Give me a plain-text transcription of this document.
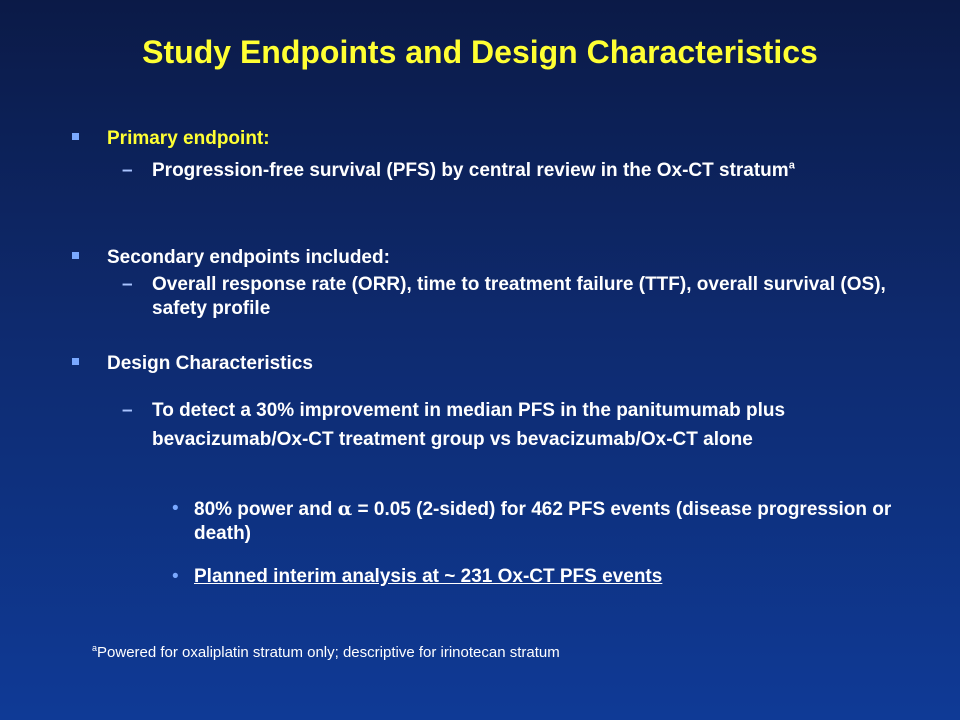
Study Endpoints and Design Characteristics
Primary endpoint:
–	Progression-free survival (PFS) by central review in the Ox-CT stratum$^a$
Secondary endpoints included:
–	Overall response rate (ORR), time to treatment failure (TTF), overall survival (OS), safety profile
Design Characteristics
–	To detect a 30% improvement in median PFS in the panitumumab plus bevacizumab/Ox-CT treatment group vs bevacizumab/Ox-CT alone
• 80% power and α = 0.05 (2-sided) for 462 PFS events (disease progression or death)
• Planned interim analysis at ~ 231 Ox-CT PFS events
$^a$Powered for oxaliplatin stratum only; descriptive for irinotecan stratum
